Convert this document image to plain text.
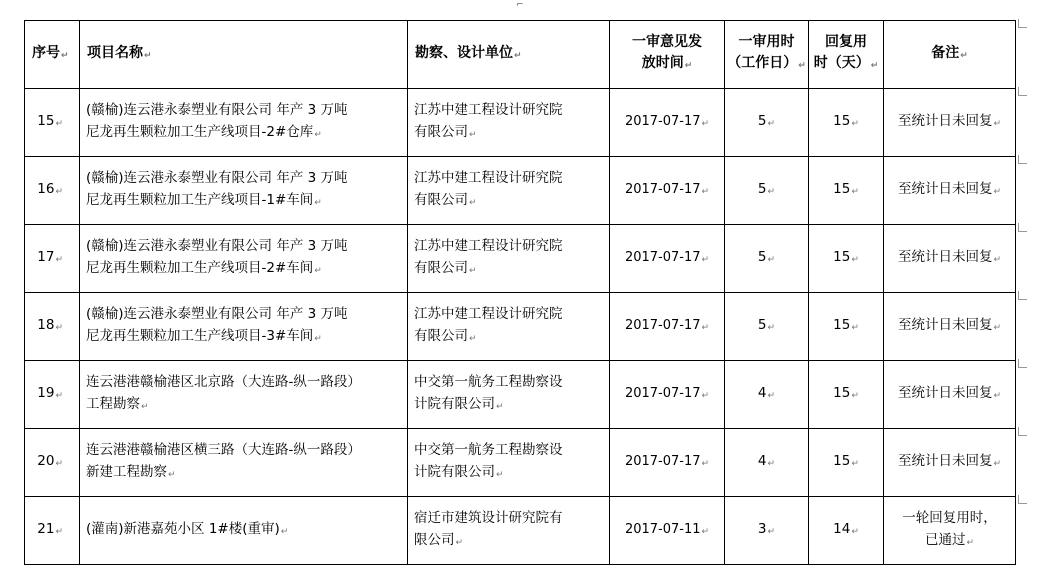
⌐
序号↵	项目名称↵	勘察、设计单位↵	一审意见发
放时间↵	一审用时
（工作日）↵	回复用
时（天）↵	备注↵

15↵	(赣榆)连云港永泰塑业有限公司 年产 3 万吨
尼龙再生颗粒加工生产线项目-2#仓库↵	江苏中建工程设计研究院
有限公司↵	2017-07-17↵	5↵	15↵	至统计日未回复↵

16↵	(赣榆)连云港永泰塑业有限公司 年产 3 万吨
尼龙再生颗粒加工生产线项目-1#车间↵	江苏中建工程设计研究院
有限公司↵	2017-07-17↵	5↵	15↵	至统计日未回复↵

17↵	(赣榆)连云港永泰塑业有限公司 年产 3 万吨
尼龙再生颗粒加工生产线项目-2#车间↵	江苏中建工程设计研究院
有限公司↵	2017-07-17↵	5↵	15↵	至统计日未回复↵

18↵	(赣榆)连云港永泰塑业有限公司 年产 3 万吨
尼龙再生颗粒加工生产线项目-3#车间↵	江苏中建工程设计研究院
有限公司↵	2017-07-17↵	5↵	15↵	至统计日未回复↵

19↵	连云港港赣榆港区北京路（大连路-纵一路段）
工程勘察↵	中交第一航务工程勘察设
计院有限公司↵	2017-07-17↵	4↵	15↵	至统计日未回复↵

20↵	连云港港赣榆港区横三路（大连路-纵一路段）
新建工程勘察↵	中交第一航务工程勘察设
计院有限公司↵	2017-07-17↵	4↵	15↵	至统计日未回复↵

21↵	(灌南)新港嘉苑小区 1#楼(重审)↵	宿迁市建筑设计研究院有
限公司↵	2017-07-11↵	3↵	14↵	一轮回复用时，
已通过↵
